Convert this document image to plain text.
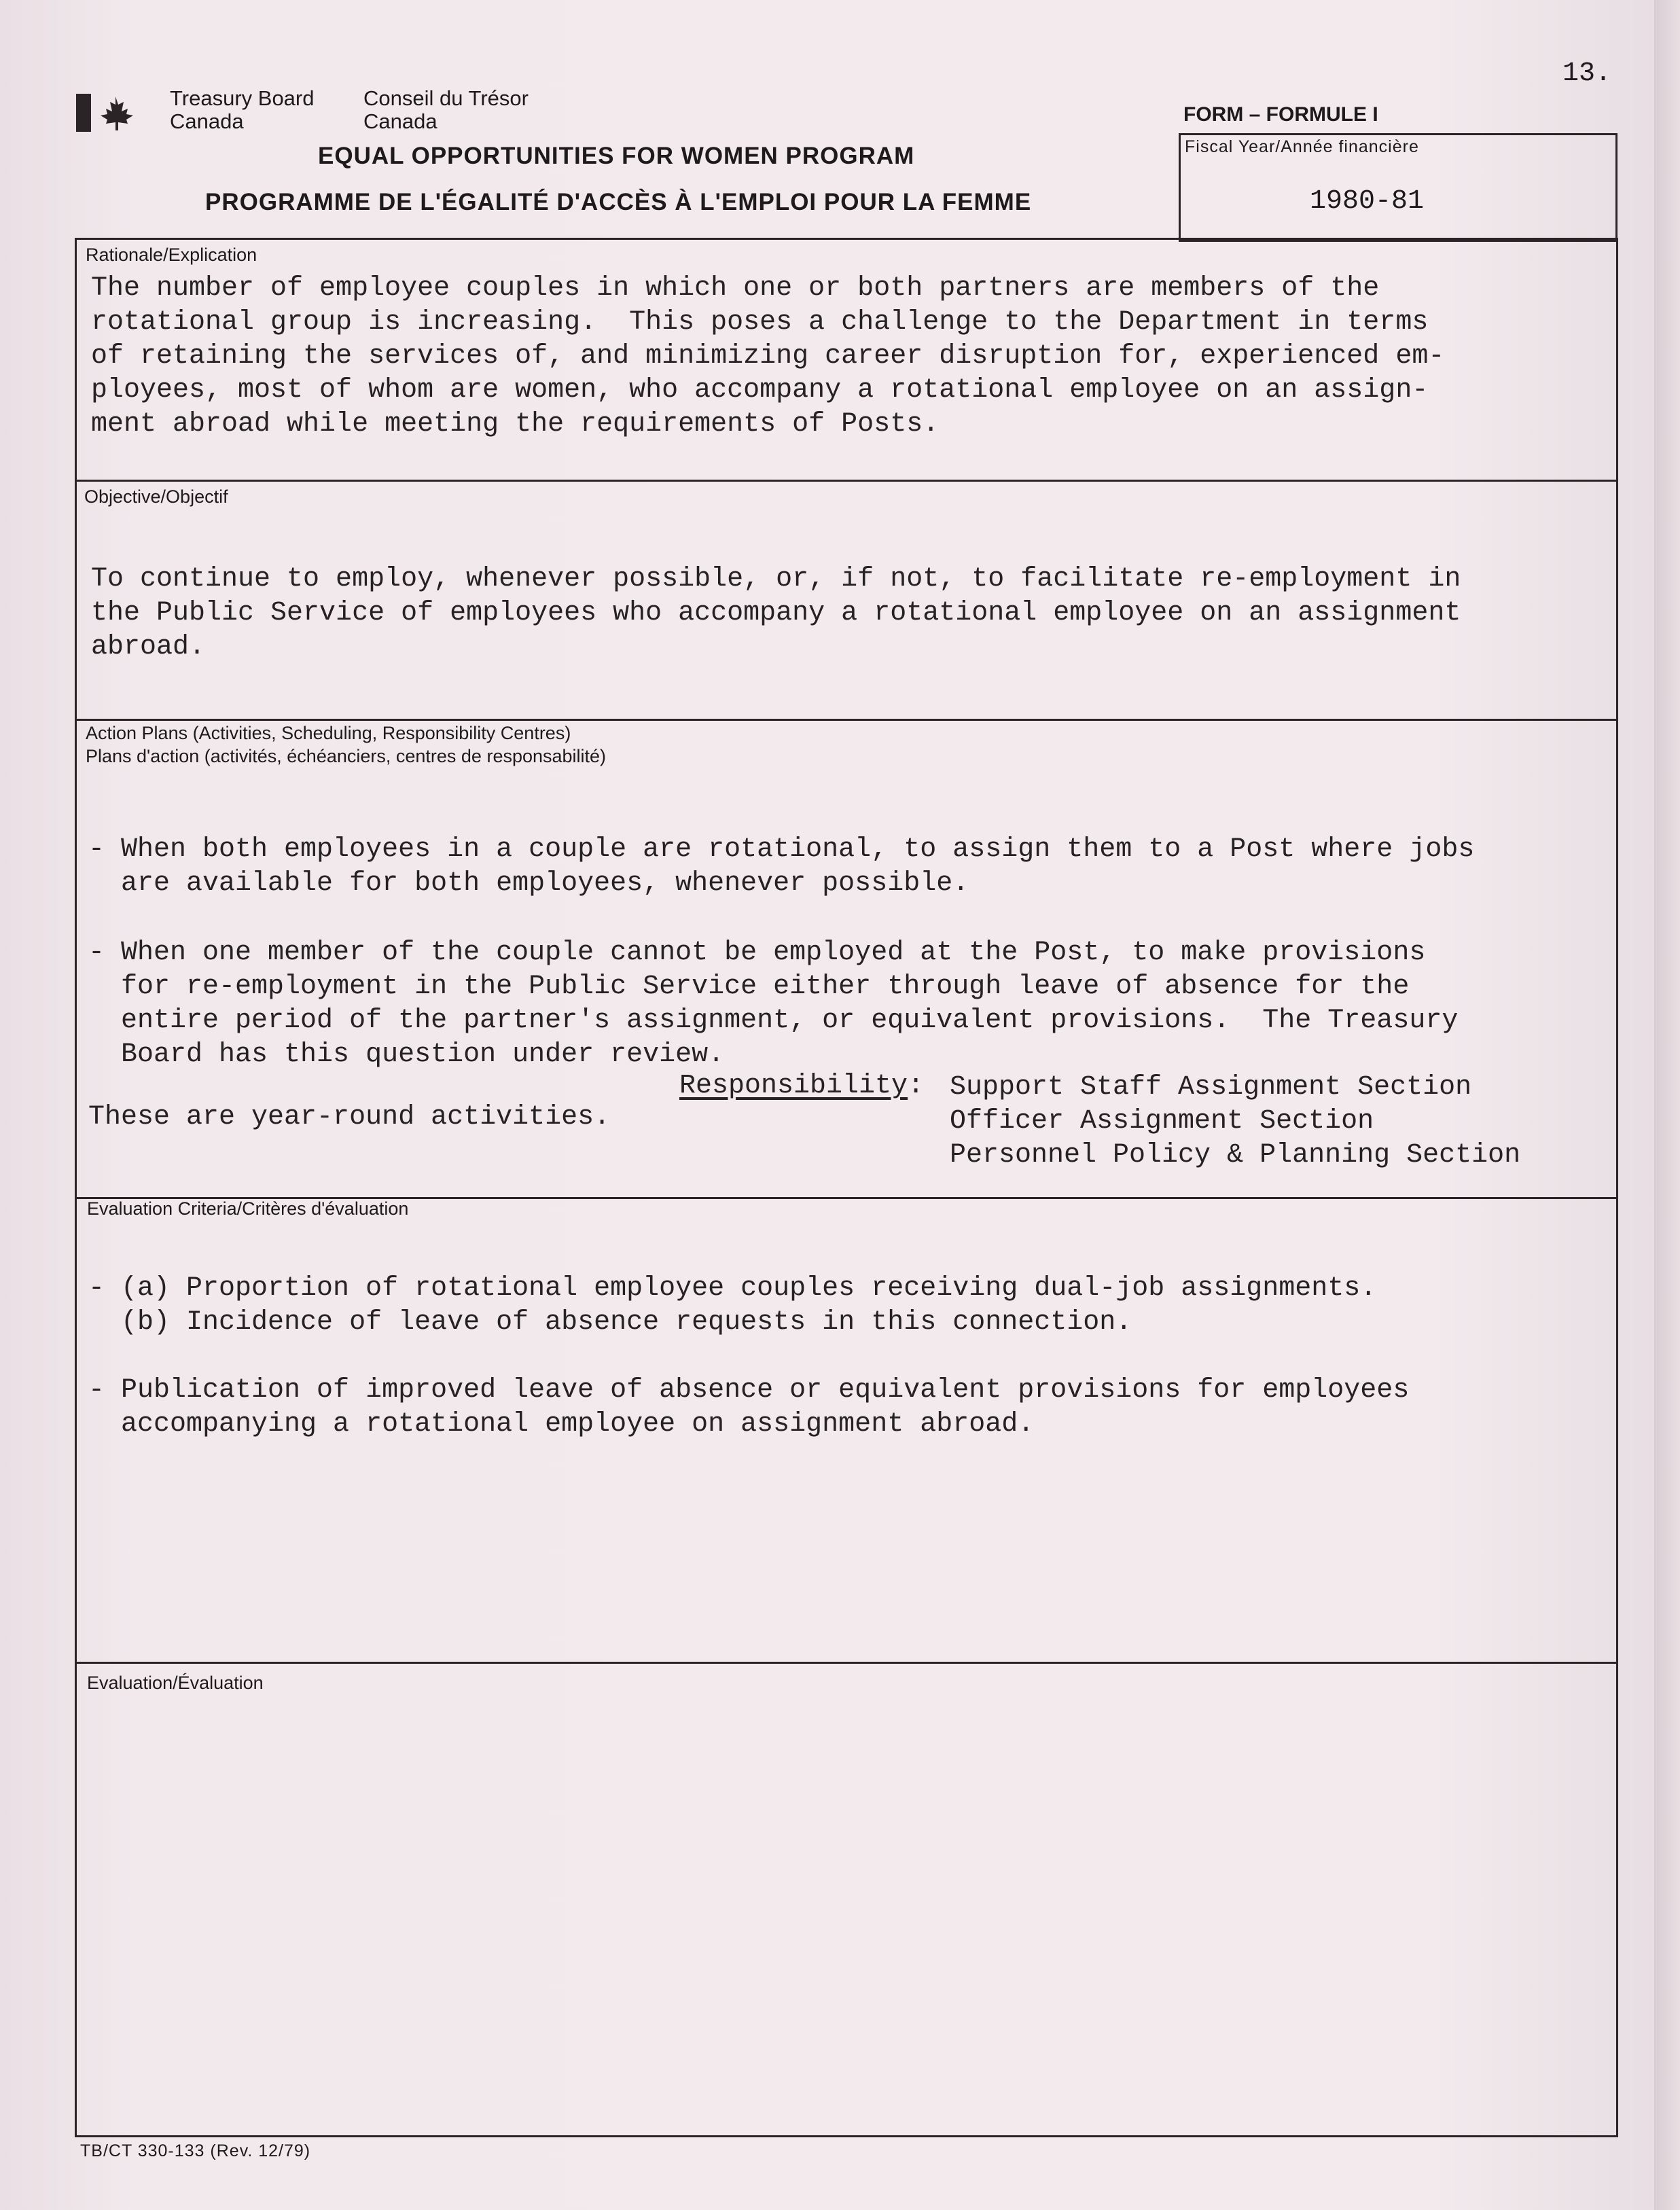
13.
Treasury Board
Canada
Conseil du Trésor
Canada
EQUAL OPPORTUNITIES FOR WOMEN PROGRAM
PROGRAMME DE L'ÉGALITÉ D'ACCÈS À L'EMPLOI POUR LA FEMME
FORM – FORMULE I
Fiscal Year/Année financière
1980-81
Rationale/Explication
The number of employee couples in which one or both partners are members of the
rotational group is increasing.  This poses a challenge to the Department in terms
of retaining the services of, and minimizing career disruption for, experienced em-
ployees, most of whom are women, who accompany a rotational employee on an assign-
ment abroad while meeting the requirements of Posts.
Objective/Objectif
To continue to employ, whenever possible, or, if not, to facilitate re-employment in
the Public Service of employees who accompany a rotational employee on an assignment
abroad.
Action Plans (Activities, Scheduling, Responsibility Centres)
Plans d'action (activités, échéanciers, centres de responsabilité)
- When both employees in a couple are rotational, to assign them to a Post where jobs
are available for both employees, whenever possible.
- When one member of the couple cannot be employed at the Post, to make provisions
for re-employment in the Public Service either through leave of absence for the
entire period of the partner's assignment, or equivalent provisions.  The Treasury
Board has this question under review.
Responsibility: Support Staff Assignment Section
Officer Assignment Section
Personnel Policy & Planning Section
These are year-round activities.
Evaluation Criteria/Critères d'évaluation
- (a) Proportion of rotational employee couples receiving dual-job assignments.
(b) Incidence of leave of absence requests in this connection.
- Publication of improved leave of absence or equivalent provisions for employees
accompanying a rotational employee on assignment abroad.
Evaluation/Évaluation
TB/CT 330-133 (Rev. 12/79)
